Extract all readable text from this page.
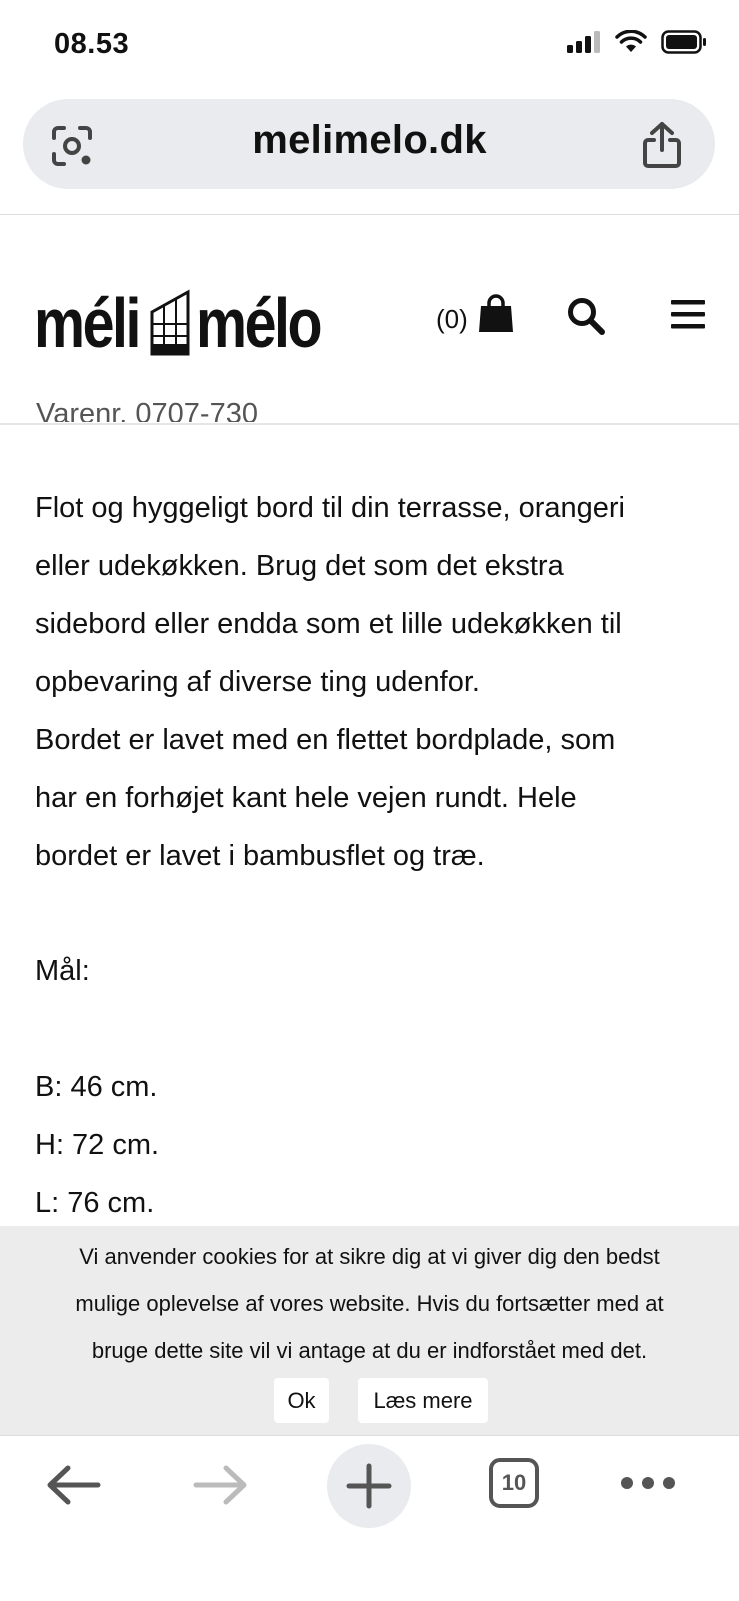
08.53
melimelo.dk
méli mélo	(0)
Varenr. 0707-730
Flot og hyggeligt bord til din terrasse, orangeri
eller udekøkken. Brug det som det ekstra
sidebord eller endda som et lille udekøkken til
opbevaring af diverse ting udenfor.
Bordet er lavet med en flettet bordplade, som
har en forhøjet kant hele vejen rundt. Hele
bordet er lavet i bambusflet og træ.
Mål:
B: 46 cm.
H: 72 cm.
L: 76 cm.
Vi anvender cookies for at sikre dig at vi giver dig den bedst
mulige oplevelse af vores website. Hvis du fortsætter med at
bruge dette site vil vi antage at du er indforstået med det.
Ok	Læs mere
10
